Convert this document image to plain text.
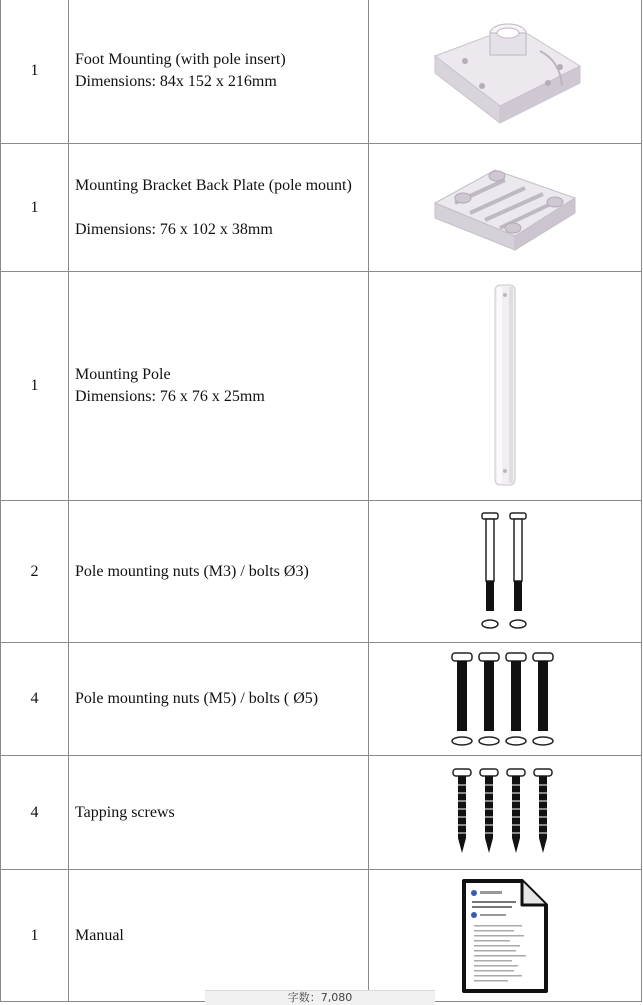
1	Foot Mounting (with pole insert)
Dimensions: 84x 152 x 216mm

1	Mounting Bracket Back Plate (pole mount)
Dimensions: 76 x 102 x 38mm

1	Mounting Pole
Dimensions: 76 x 76 x 25mm

2	Pole mounting nuts (M3) / bolts Ø3)

4	Pole mounting nuts (M5) / bolts ( Ø5)

4	Tapping screws

1	Manual

字数：7,080
